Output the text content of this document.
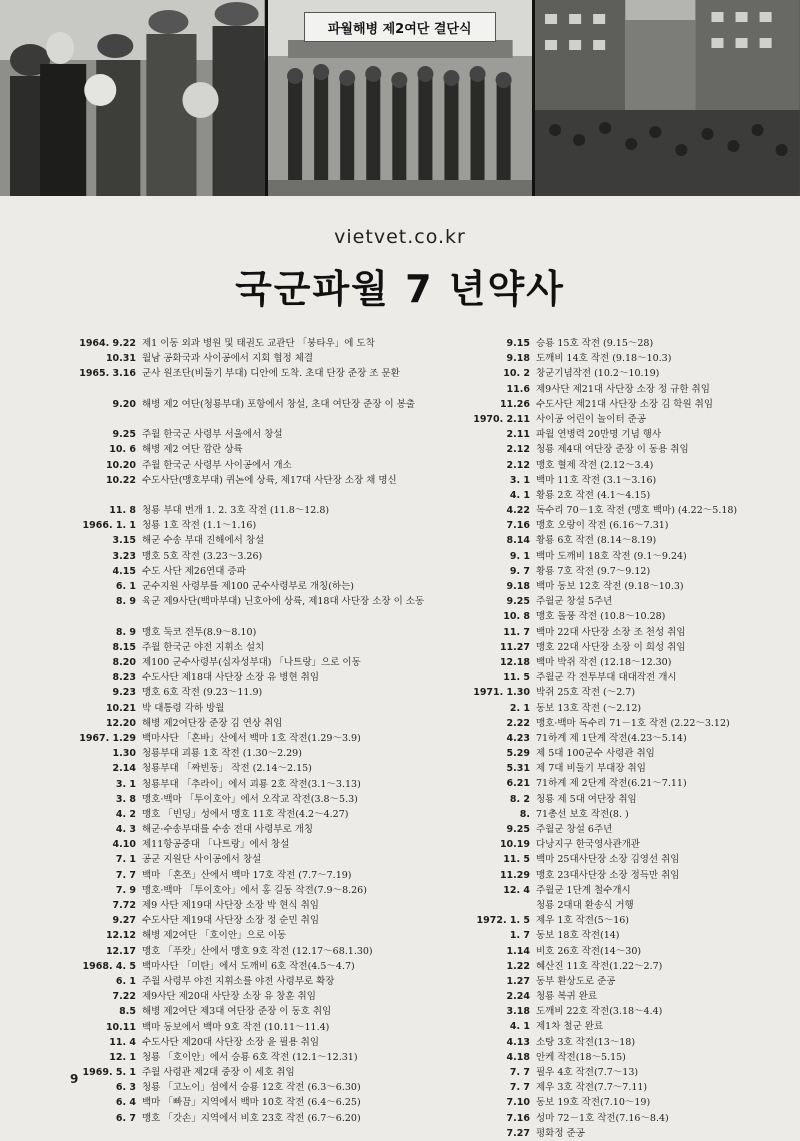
파월해병 제2여단 결단식
vietvet.co.kr
국군파월 7 년약사
1964. 9.22 제1 이동 외과 병원 및 태권도 교관단 「붕타우」에 도착
10.31 월남 공화국과 사이공에서 지회 협정 체결
1965. 3.16 군사 원조단(비둘기 부대) 디안에 도착. 초대 단장 준장 조 문환
9.20 해병 제2 여단(청룡부대) 포항에서 창설, 초대 여단장 준장 이 봉출
9.25 주월 한국군 사령부 서울에서 창설
10. 6 해병 제2 여단 깜란 상륙
10.20 주월 한국군 사령부 사이공에서 개소
10.22 수도사단(맹호부대) 퀴논에 상륙, 제17대 사단장 소장 채 명신
11. 8 청룡 부대 번개 1. 2. 3호 작전 (11.8～12.8)
1966. 1. 1 청룡 1호 작전 (1.1～1.16)
3.15 해군 수송 부대 진해에서 창설
3.23 맹호 5호 작전 (3.23～3.26)
4.15 수도 사단 제26연대 증파
6. 1 군수지원 사령부를 제100 군수사령부로 개칭(하는)
8. 9 육군 제9사단(백마부대) 닌호아에 상륙, 제18대 사단장 소장 이 소동
8. 9 맹호 둑코 전투(8.9～8.10)
8.15 주월 한국군 야전 지휘소 설치
8.20 제100 군수사령부(십자성부대) 「나트랑」으로 이동
8.23 수도사단 제18대 사단장 소장 유 병현 취임
9.23 맹호 6호 작전 (9.23～11.9)
10.21 박 대통령 각하 방월
12.20 해병 제2여단장 준장 김 연상 취임
1967. 1.29 백마사단 「혼바」산에서 백마 1호 작전(1.29～3.9)
1.30 청룡부대 괴룡 1호 작전 (1.30～2.29)
2.14 청룡부대 「짜빈동」 작전 (2.14～2.15)
3. 1 청룡부대 「추라이」에서 괴룡 2호 작전(3.1～3.13)
3. 8 맹호·백마 「투이호아」에서 오작교 작전(3.8～5.3)
4. 2 맹호 「빈딩」성에서 맹호 11호 작전(4.2～4.27)
4. 3 해군·수송부대를 수송 전대 사령부로 개칭
4.10 제11항공중대 「나트랑」에서 창설
7. 1 공군 지원단 사이공에서 창설
7. 7 백마 「혼쪼」산에서 백마 17호 작전 (7.7～7.19)
7. 9 맹호·백마 「투이호아」에서 홍 길동 작전(7.9～8.26)
7.72 제9 사단 제19대 사단장 소장 박 현식 취임
9.27 수도사단 제19대 사단장 소장 정 순민 취임
12.12 해병 제2여단 「호이안」으로 이동
12.17 맹호 「푸캇」산에서 맹호 9호 작전 (12.17～68.1.30)
1968. 4. 5 백마사단 「미탄」에서 도깨비 6호 작전(4.5～4.7)
6. 1 주월 사령부 야전 지휘소를 야전 사령부로 확장
7.22 제9사단 제20대 사단장 소장 유 창훈 취임
8.5 해병 제2여단 제3대 여단장 준장 이 동호 취임
10.11 백마 동보에서 백마 9호 작전 (10.11～11.4)
11. 4 수도사단 제20대 사단장 소장 윤 필용 취임
12. 1 청룡 「호이안」에서 승룡 6호 작전 (12.1～12.31)
1969. 5. 1 주월 사령관 제2대 중장 이 세호 취임
6. 3 청룡 「고노이」섬에서 승룡 12호 작전 (6.3～6.30)
6. 4 백마 「빠끔」지역에서 백마 10호 작전 (6.4～6.25)
6. 7 맹호 「갓손」지역에서 비호 23호 작전 (6.7～6.20)
9.15 승룡 15호 작전 (9.15～28)
9.18 도깨비 14호 작전 (9.18～10.3)
10. 2 창군기념작전 (10.2～10.19)
11.6 제9사단 제21대 사단장 소장 정 규한 취임
11.26 수도사단 제21대 사단장 소장 김 학원 취임
1970. 2.11 사이공 어린이 놀이터 준공
2.11 파월 연병력 20만명 기념 행사
2.12 청룡 제4대 여단장 준장 이 동용 취임
2.12 맹호 혈제 작전 (2.12～3.4)
3. 1 백마 11호 작전 (3.1～3.16)
4. 1 황룡 2호 작전 (4.1～4.15)
4.22 독수리 70－1호 작전 (맹호 백마) (4.22～5.18)
7.16 맹호 오랑이 작전 (6.16～7.31)
8.14 황룡 6호 작전 (8.14～8.19)
9. 1 백마 도깨비 18호 작전 (9.1～9.24)
9. 7 황룡 7호 작전 (9.7～9.12)
9.18 백마 동보 12호 작전 (9.18～10.3)
9.25 주월군 창설 5주년
10. 8 맹호 돌풍 작전 (10.8～10.28)
11. 7 백마 22대 사단장 소장 조 천성 취임
11.27 맹호 22대 사단장 소장 이 희성 취임
12.18 백마 박쥐 작전 (12.18～12.30)
11. 5 주월군 각 전투부대 대대작전 개시
1971. 1.30 박쥐 25호 작전 (～2.7)
2. 1 동보 13호 작전 (～2.12)
2.22 맹호·백마 독수리 71－1호 작전 (2.22～3.12)
4.23 71하계 제 1단계 작전(4.23～5.14)
5.29 제 5대 100군수 사령관 취임
5.31 제 7대 비둘기 부대장 취임
6.21 71하계 제 2단계 작전(6.21～7.11)
8. 2 청룡 제 5대 여단장 취임
8. 71총선 보호 작전(8. )
9.25 주월군 창설 6주년
10.19 다낭지구 한국영사관개관
11. 5 백마 25대사단장 소장 김영선 취임
11.29 맹호 23대사단장 소장 정득만 취임
12. 4 주월군 1단계 철수개시
청룡 2대대 환송식 거행
1972. 1. 5 제우 1호 작전(5～16)
1. 7 동보 18호 작전(14)
1.14 비호 26호 작전(14～30)
1.22 혜산진 11호 작전(1.22～2.7)
1.27 동부 환상도로 준공
2.24 청룡 복귀 완료
3.18 도깨비 22호 작전(3.18～4.4)
4. 1 제1차 철군 완료
4.13 소탕 3호 작전(13～18)
4.18 안케 작전(18～5.15)
7. 7 필우 4호 작전(7.7～13)
7. 7 제우 3호 작전(7.7～7.11)
7.10 동보 19호 작전(7.10～19)
7.16 성마 72－1호 작전(7.16～8.4)
7.27 평화정 준공
9
